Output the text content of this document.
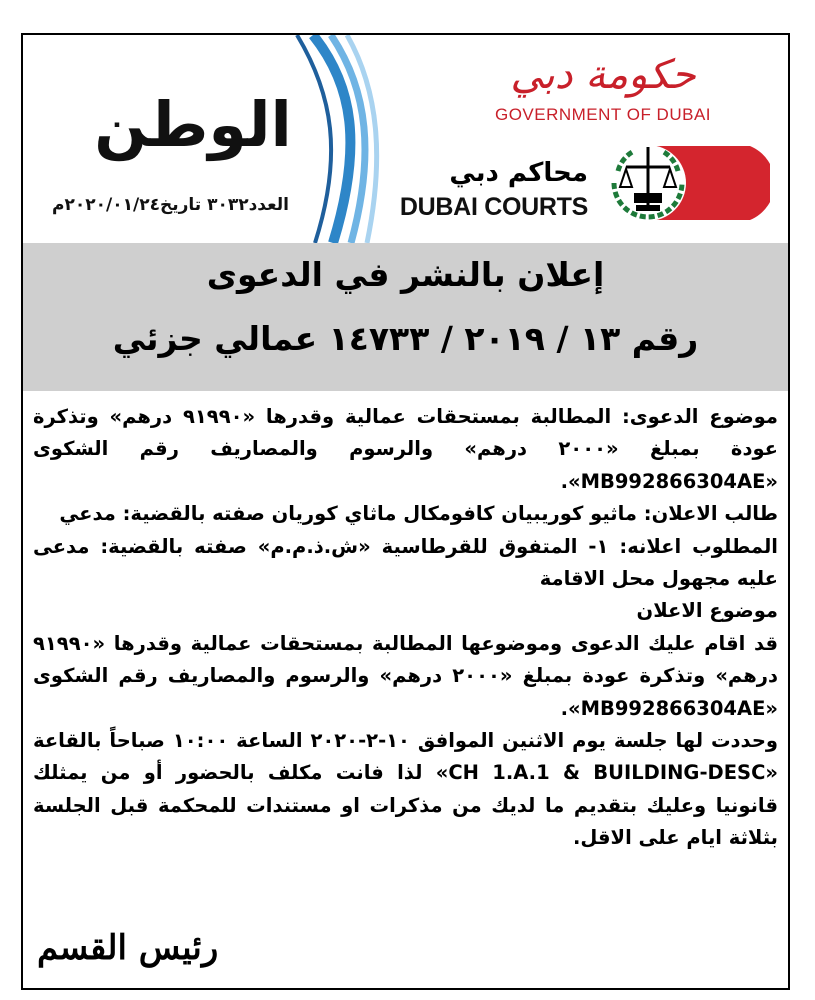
حكومة دبي
GOVERNMENT OF DUBAI
محاكم دبي
DUBAI COURTS
الوطن
العدد٣٠٣٢ تاريخ٢٠٢٠/٠١/٢٤م
إعلان بالنشر في الدعوى
رقم ١٣ / ٢٠١٩ / ١٤٧٣٣ عمالي جزئي

موضوع الدعوى: المطالبة بمستحقات عمالية وقدرها «٩١٩٩٠ درهم» وتذكرة عودة بمبلغ «٢٠٠٠ درهم» والرسوم والمصاريف رقم الشكوى «MB992866304AE».

طالب الاعلان: ماثيو كوريبيان كافومكال ماثاي كوريان صفته بالقضية: مدعي

المطلوب اعلانه: ١- المتفوق للقرطاسية «ش.ذ.م.م» صفته بالقضية: مدعى عليه مجهول محل الاقامة

موضوع الاعلان

قد اقام عليك الدعوى وموضوعها المطالبة بمستحقات عمالية وقدرها «٩١٩٩٠ درهم» وتذكرة عودة بمبلغ «٢٠٠٠ درهم» والرسوم والمصاريف رقم الشكوى «MB992866304AE».

وحددت لها جلسة يوم الاثنين الموافق ١٠-٢-٢٠٢٠ الساعة ١٠:٠٠ صباحاً بالقاعة «CH 1.A.1 & BUILDING-DESC» لذا فانت مكلف بالحضور أو من يمثلك قانونيا وعليك بتقديم ما لديك من مذكرات او مستندات للمحكمة قبل الجلسة بثلاثة ايام على الاقل.

رئيس القسم
